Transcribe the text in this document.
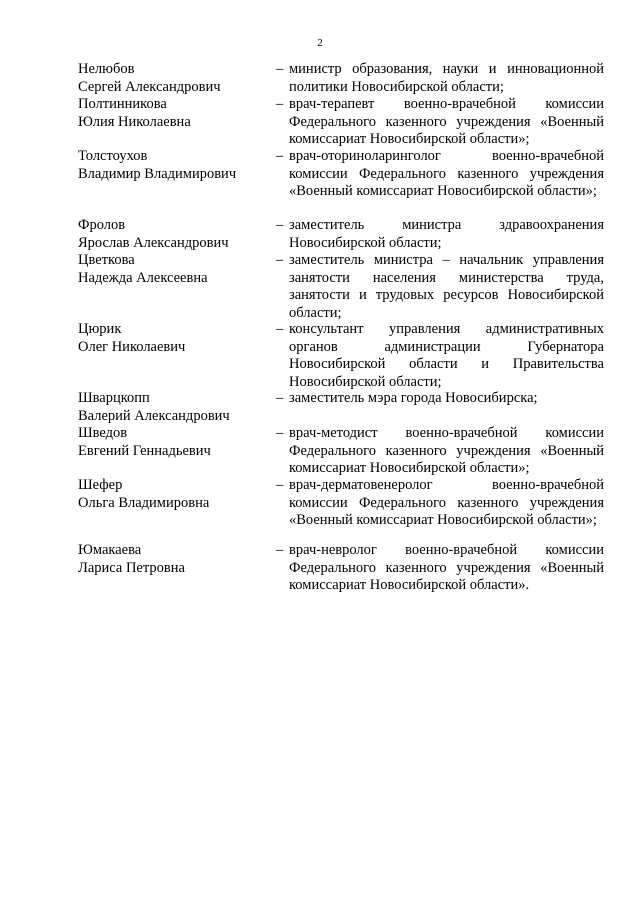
2
Нелюбов
Сергей Александрович
– министр образования, науки и инновационной политики Новосибирской области;
Полтинникова
Юлия Николаевна
– врач-терапевт военно-врачебной комиссии Федерального казенного учреждения «Военный комиссариат Новосибирской области»;
Толстоухов
Владимир Владимирович
– врач-оториноларинголог военно-врачебной комиссии Федерального казенного учреждения «Военный комиссариат Новосибирской области»;
Фролов
Ярослав Александрович
– заместитель министра здравоохранения Новосибирской области;
Цветкова
Надежда Алексеевна
– заместитель министра – начальник управления занятости населения министерства труда, занятости и трудовых ресурсов Новосибирской области;
Цюрик
Олег Николаевич
– консультант управления административных органов администрации Губернатора Новосибирской области и Правительства Новосибирской области;
Шварцкопп
Валерий Александрович
– заместитель мэра города Новосибирска;
Шведов
Евгений Геннадьевич
– врач-методист военно-врачебной комиссии Федерального казенного учреждения «Военный комиссариат Новосибирской области»;
Шефер
Ольга Владимировна
– врач-дерматовенеролог военно-врачебной комиссии Федерального казенного учреждения «Военный комиссариат Новосибирской области»;
Юмакаева
Лариса Петровна
– врач-невролог военно-врачебной комиссии Федерального казенного учреждения «Военный комиссариат Новосибирской области».
